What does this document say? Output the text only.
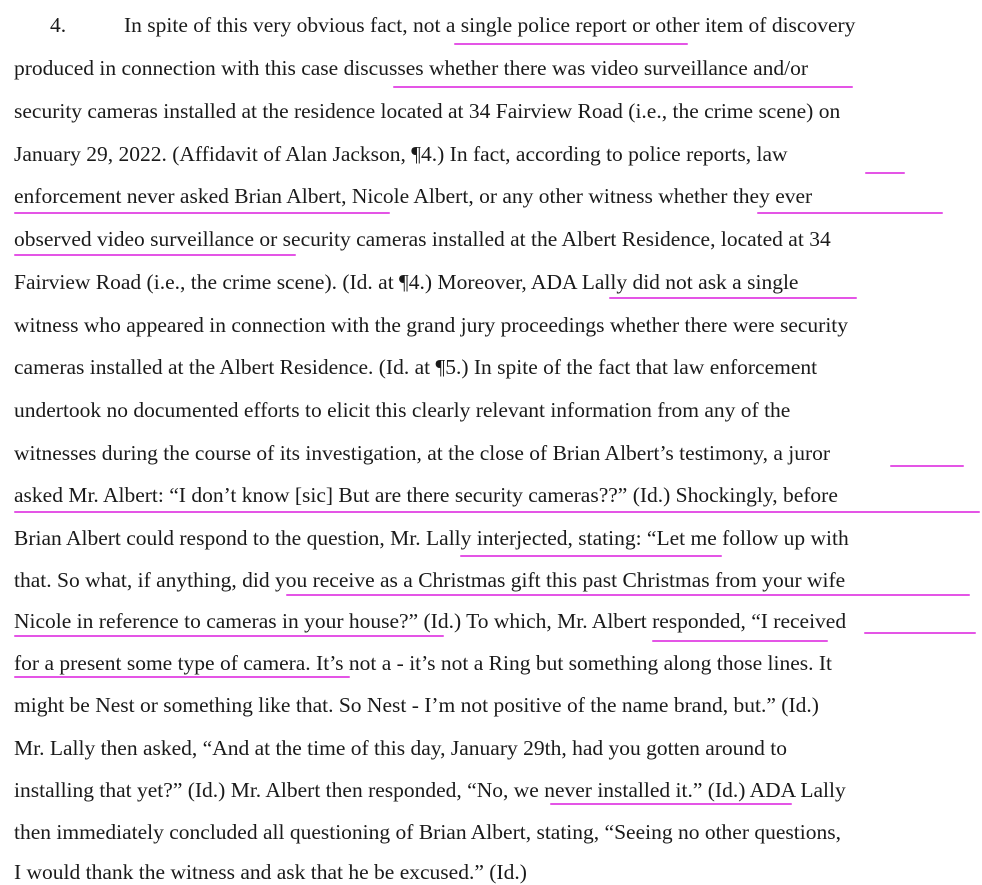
4.	In spite of this very obvious fact, not a single police report or other item of discovery
produced in connection with this case discusses whether there was video surveillance and/or
security cameras installed at the residence located at 34 Fairview Road (i.e., the crime scene) on
January 29, 2022. (Affidavit of Alan Jackson, ¶4.) In fact, according to police reports, law
enforcement never asked Brian Albert, Nicole Albert, or any other witness whether they ever
observed video surveillance or security cameras installed at the Albert Residence, located at 34
Fairview Road (i.e., the crime scene). (Id. at ¶4.) Moreover, ADA Lally did not ask a single
witness who appeared in connection with the grand jury proceedings whether there were security
cameras installed at the Albert Residence. (Id. at ¶5.) In spite of the fact that law enforcement
undertook no documented efforts to elicit this clearly relevant information from any of the
witnesses during the course of its investigation, at the close of Brian Albert’s testimony, a juror
asked Mr. Albert: “I don’t know [sic] But are there security cameras??” (Id.) Shockingly, before
Brian Albert could respond to the question, Mr. Lally interjected, stating: “Let me follow up with
that. So what, if anything, did you receive as a Christmas gift this past Christmas from your wife
Nicole in reference to cameras in your house?” (Id.) To which, Mr. Albert responded, “I received
for a present some type of camera. It’s not a - it’s not a Ring but something along those lines. It
might be Nest or something like that. So Nest - I’m not positive of the name brand, but.” (Id.)
Mr. Lally then asked, “And at the time of this day, January 29th, had you gotten around to
installing that yet?” (Id.) Mr. Albert then responded, “No, we never installed it.” (Id.) ADA Lally
then immediately concluded all questioning of Brian Albert, stating, “Seeing no other questions,
I would thank the witness and ask that he be excused.” (Id.)
